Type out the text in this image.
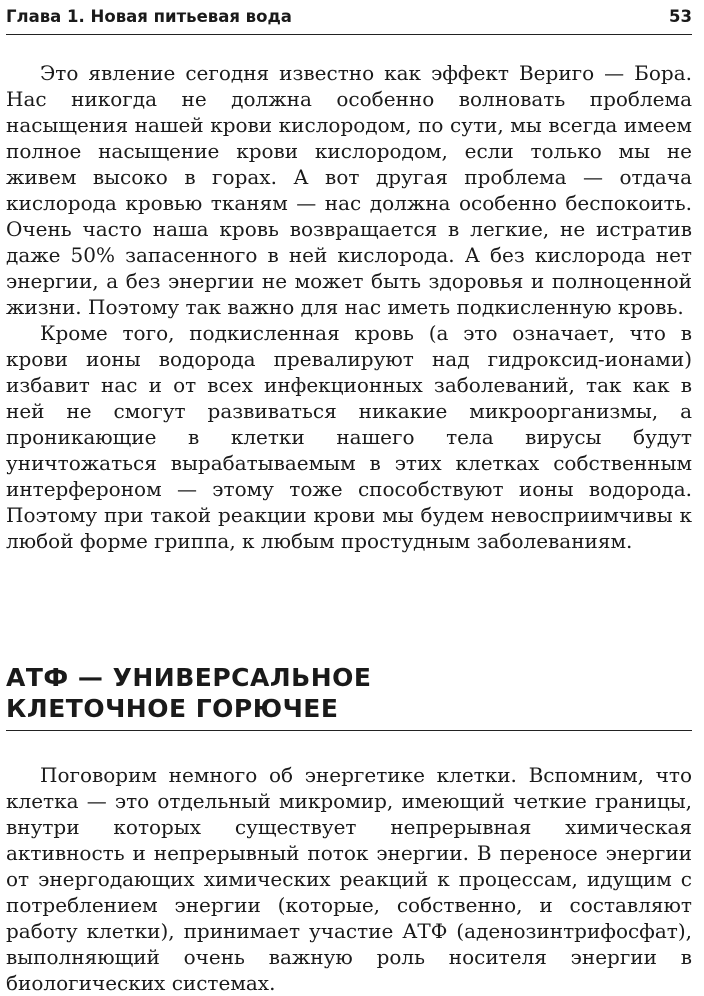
Глава 1. Новая питьевая вода	53

Это явление сегодня известно как эффект Вериго — Бора. Нас никогда не должна особенно волновать проблема насыщения нашей крови кислородом, по сути, мы всегда имеем полное насыщение крови кислородом, если только мы не живем высоко в горах. А вот другая проблема — отдача кислорода кровью тканям — нас должна особенно беспокоить. Очень часто наша кровь возвращается в легкие, не истратив даже 50% запасенного в ней кислорода. А без кислорода нет энергии, а без энергии не может быть здоровья и полноценной жизни. Поэтому так важно для нас иметь подкисленную кровь.

Кроме того, подкисленная кровь (а это означает, что в крови ионы водорода превалируют над гидроксид-ионами) избавит нас и от всех инфекционных заболеваний, так как в ней не смогут развиваться никакие микроорганизмы, а проникающие в клетки нашего тела вирусы будут уничтожаться вырабатываемым в этих клетках собственным интерфероном — этому тоже способствуют ионы водорода. Поэтому при такой реакции крови мы будем невосприимчивы к любой форме гриппа, к любым простудным заболеваниям.

АТФ — УНИВЕРСАЛЬНОЕ
КЛЕТОЧНОЕ ГОРЮЧЕЕ

Поговорим немного об энергетике клетки. Вспомним, что клетка — это отдельный микромир, имеющий четкие границы, внутри которых существует непрерывная химическая активность и непрерывный поток энергии. В переносе энергии от энергодающих химических реакций к процессам, идущим с потреблением энергии (которые, собственно, и составляют работу клетки), принимает участие АТФ (аденозинтрифосфат), выполняющий очень важную роль носителя энергии в биологических системах.
